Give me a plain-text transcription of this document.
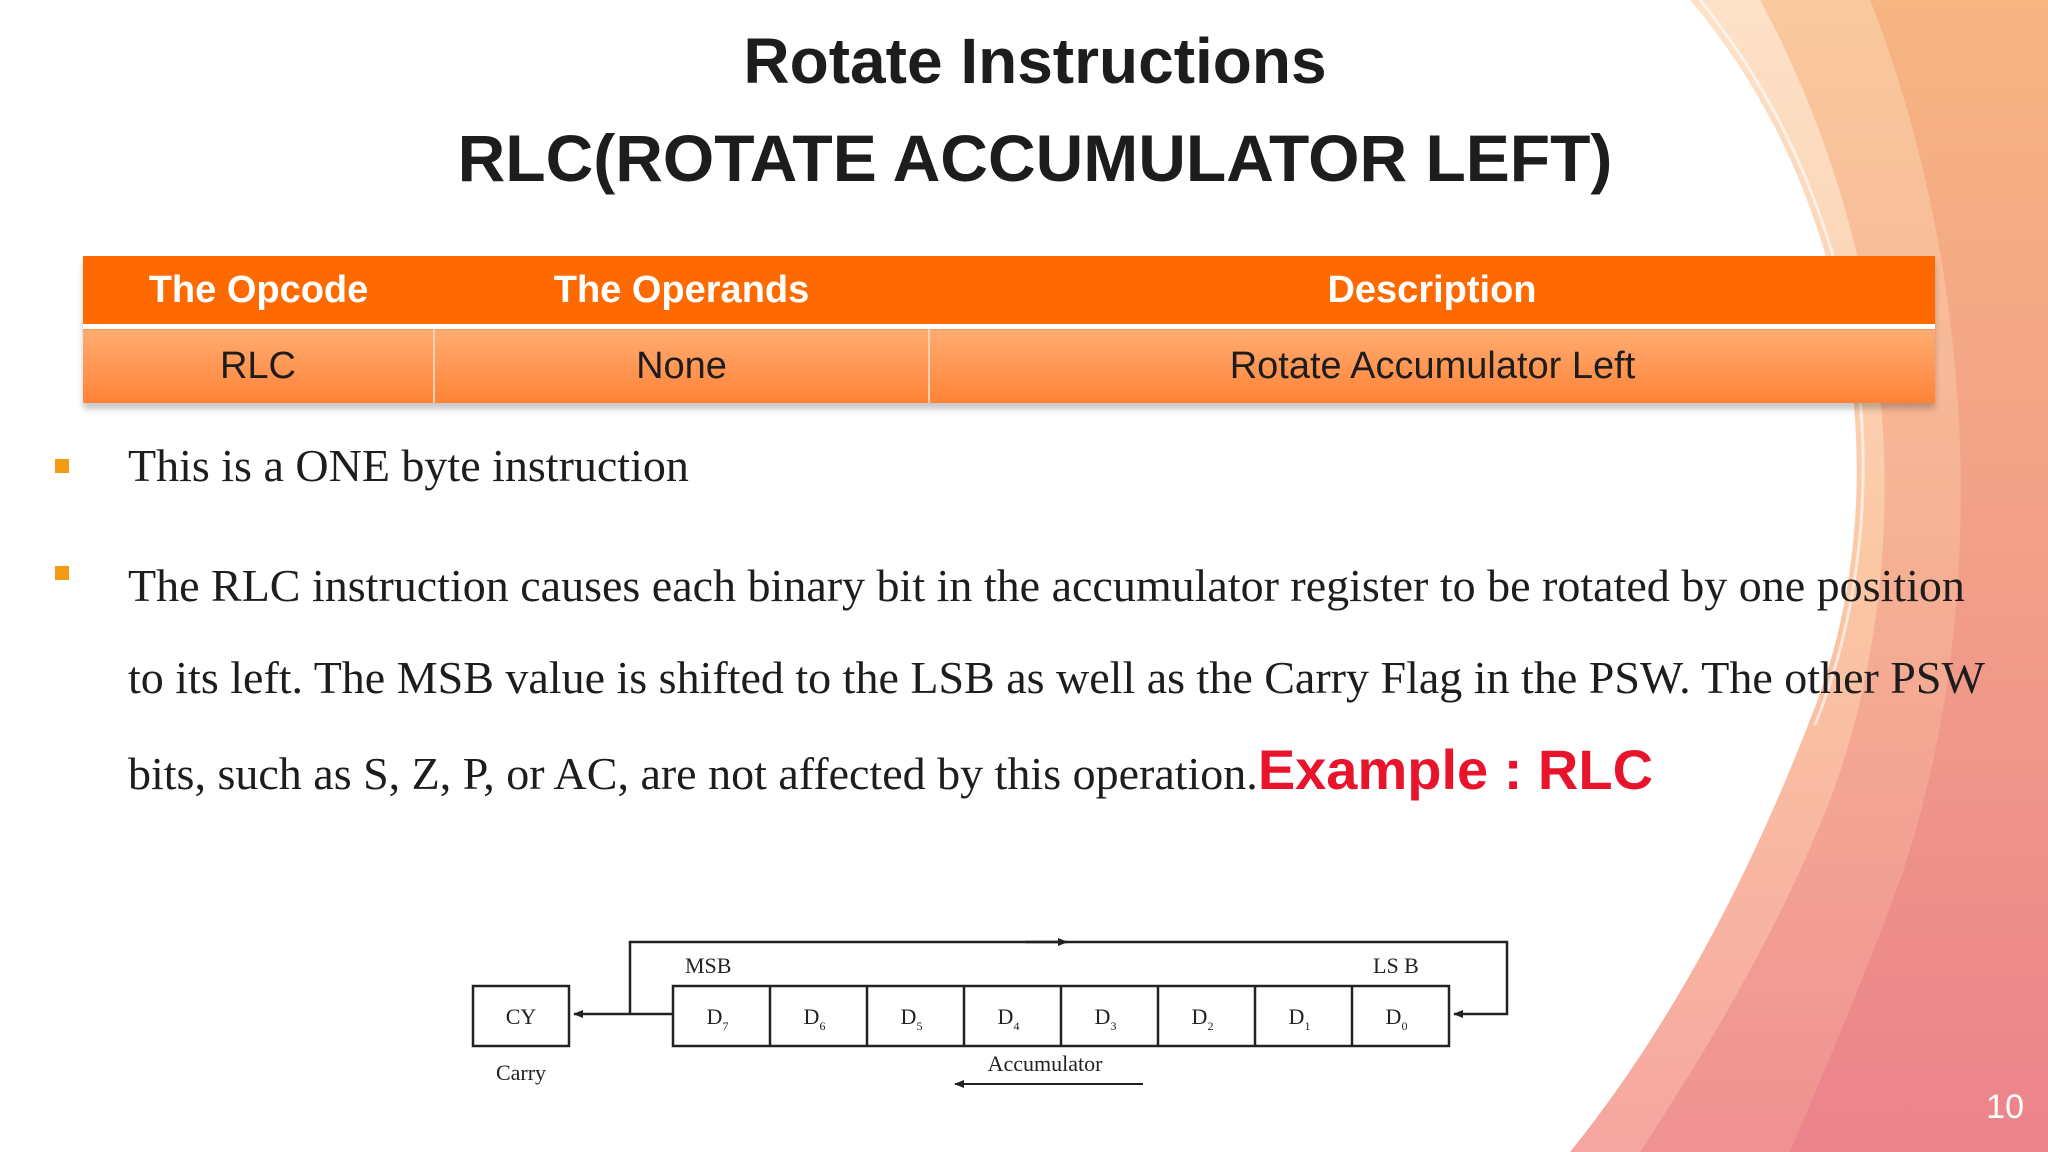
Rotate Instructions
RLC(ROTATE ACCUMULATOR LEFT)
The Opcode	The Operands	Description
RLC	None	Rotate Accumulator Left
This is a ONE byte instruction
The RLC instruction causes each binary bit in the accumulator register to be rotated by one position to its left. The MSB value is shifted to the LSB as well as the Carry Flag in the PSW. The other PSW bits, such as S, Z, P, or AC, are not affected by this operation.Example : RLC
CY
Carry
$D_7$	$D_6$	$D_5$	$D_4$	$D_3$	$D_2$	$D_1$	$D_0$
MSB	LS B
Accumulator
10
